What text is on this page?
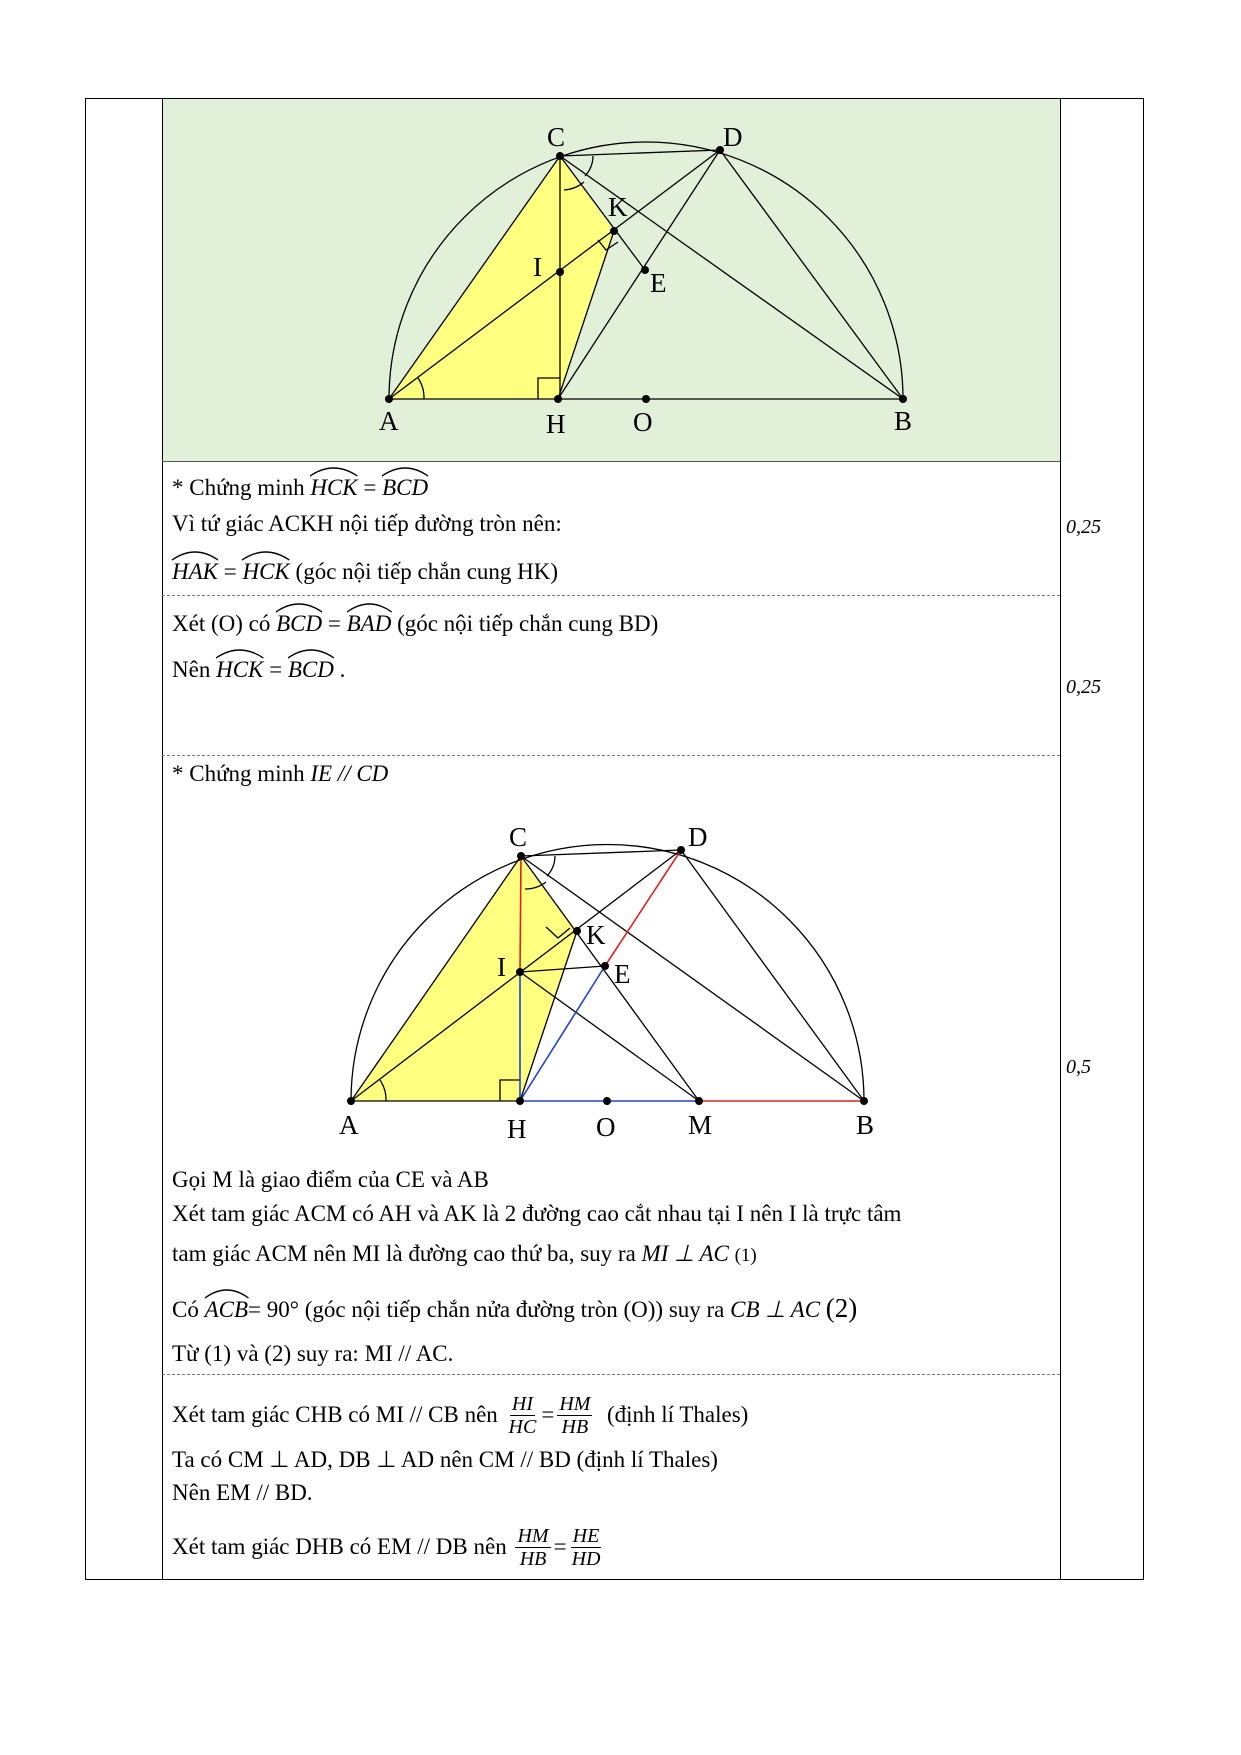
C	D
K
I
E
A	H	O	B
* Chứng minh HCK = BCD
Vì tứ giác ACKH nội tiếp đường tròn nên:
HAK = HCK (góc nội tiếp chắn cung HK)
0,25
Xét (O) có BCD = BAD (góc nội tiếp chắn cung BD)
Nên HCK = BCD .
0,25
* Chứng minh IE // CD
C	D
K
I	E
A	H	O	M	B
Gọi M là giao điểm của CE và AB
Xét tam giác ACM có AH và AK là 2 đường cao cắt nhau tại I nên I là trực tâm
tam giác ACM nên MI là đường cao thứ ba, suy ra MI ⊥ AC (1)
Có ACB= 90° (góc nội tiếp chắn nửa đường tròn (O)) suy ra CB ⊥ AC (2)
Từ (1) và (2) suy ra: MI // AC.
0,5
Xét tam giác CHB có MI // CB nên
$\frac{HI}{HC} = \frac{HM}{HB}$
(định lí Thales)
Ta có CM ⊥ AD, DB ⊥ AD nên CM // BD (định lí Thales)
Nên EM // BD.
Xét tam giác DHB có EM // DB nên
$\frac{HM}{HB} = \frac{HE}{HD}$
